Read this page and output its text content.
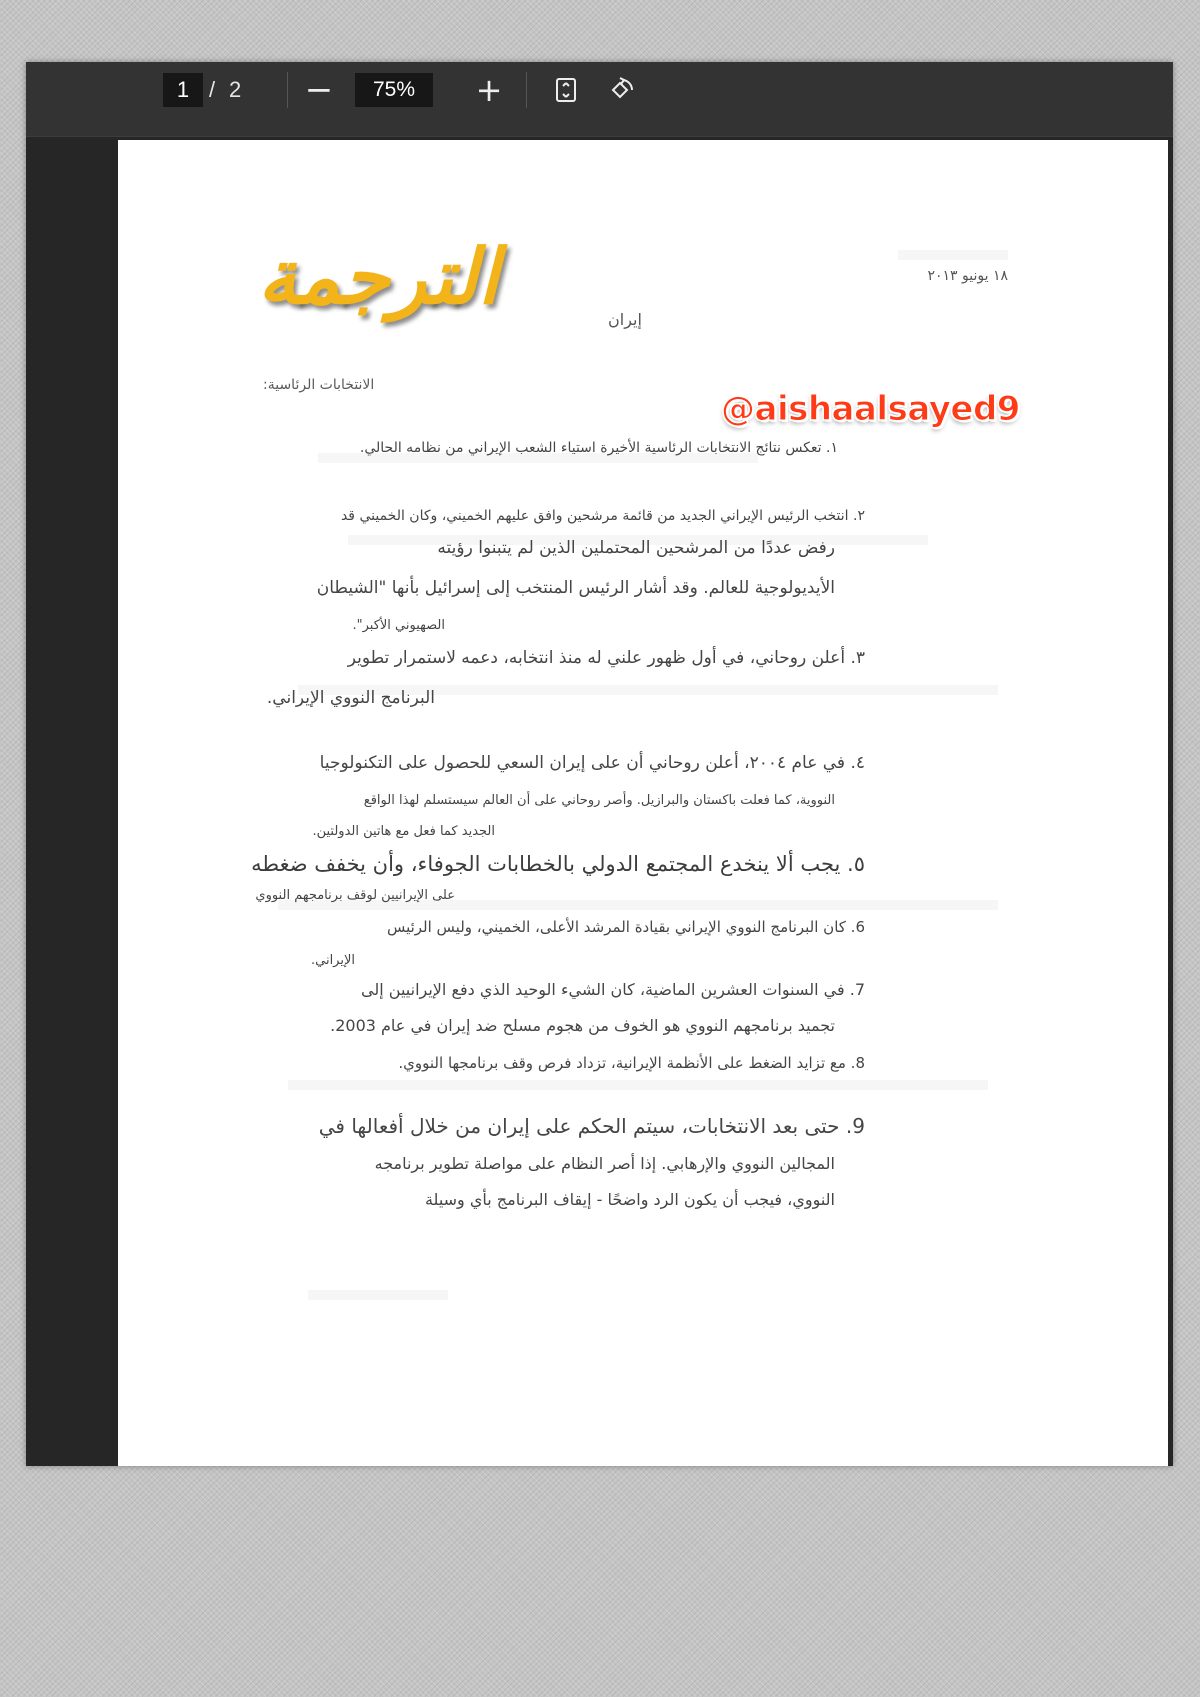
1 / 2 −	75%	+
١٨ يونيو ٢٠١٣
إيران
الانتخابات الرئاسية:
الترجمة
@aishaalsayed9
١. تعكس نتائج الانتخابات الرئاسية الأخيرة استياء الشعب الإيراني من نظامه الحالي.
٢. انتخب الرئيس الإيراني الجديد من قائمة مرشحين وافق عليهم الخميني، وكان الخميني قد
رفض عددًا من المرشحين المحتملين الذين لم يتبنوا رؤيته
الأيديولوجية للعالم. وقد أشار الرئيس المنتخب إلى إسرائيل بأنها "الشيطان
الصهيوني الأكبر".
٣. أعلن روحاني، في أول ظهور علني له منذ انتخابه، دعمه لاستمرار تطوير
البرنامج النووي الإيراني.
٤. في عام ٢٠٠٤، أعلن روحاني أن على إيران السعي للحصول على التكنولوجيا
النووية، كما فعلت باكستان والبرازيل. وأصر روحاني على أن العالم سيستسلم لهذا الواقع
الجديد كما فعل مع هاتين الدولتين.
٥. يجب ألا ينخدع المجتمع الدولي بالخطابات الجوفاء، وأن يخفف ضغطه
على الإيرانيين لوقف برنامجهم النووي
6. كان البرنامج النووي الإيراني بقيادة المرشد الأعلى، الخميني، وليس الرئيس
الإيراني.
7. في السنوات العشرين الماضية، كان الشيء الوحيد الذي دفع الإيرانيين إلى
تجميد برنامجهم النووي هو الخوف من هجوم مسلح ضد إيران في عام 2003.
8. مع تزايد الضغط على الأنظمة الإيرانية، تزداد فرص وقف برنامجها النووي.
9. حتى بعد الانتخابات، سيتم الحكم على إيران من خلال أفعالها في
المجالين النووي والإرهابي. إذا أصر النظام على مواصلة تطوير برنامجه
النووي، فيجب أن يكون الرد واضحًا - إيقاف البرنامج بأي وسيلة
